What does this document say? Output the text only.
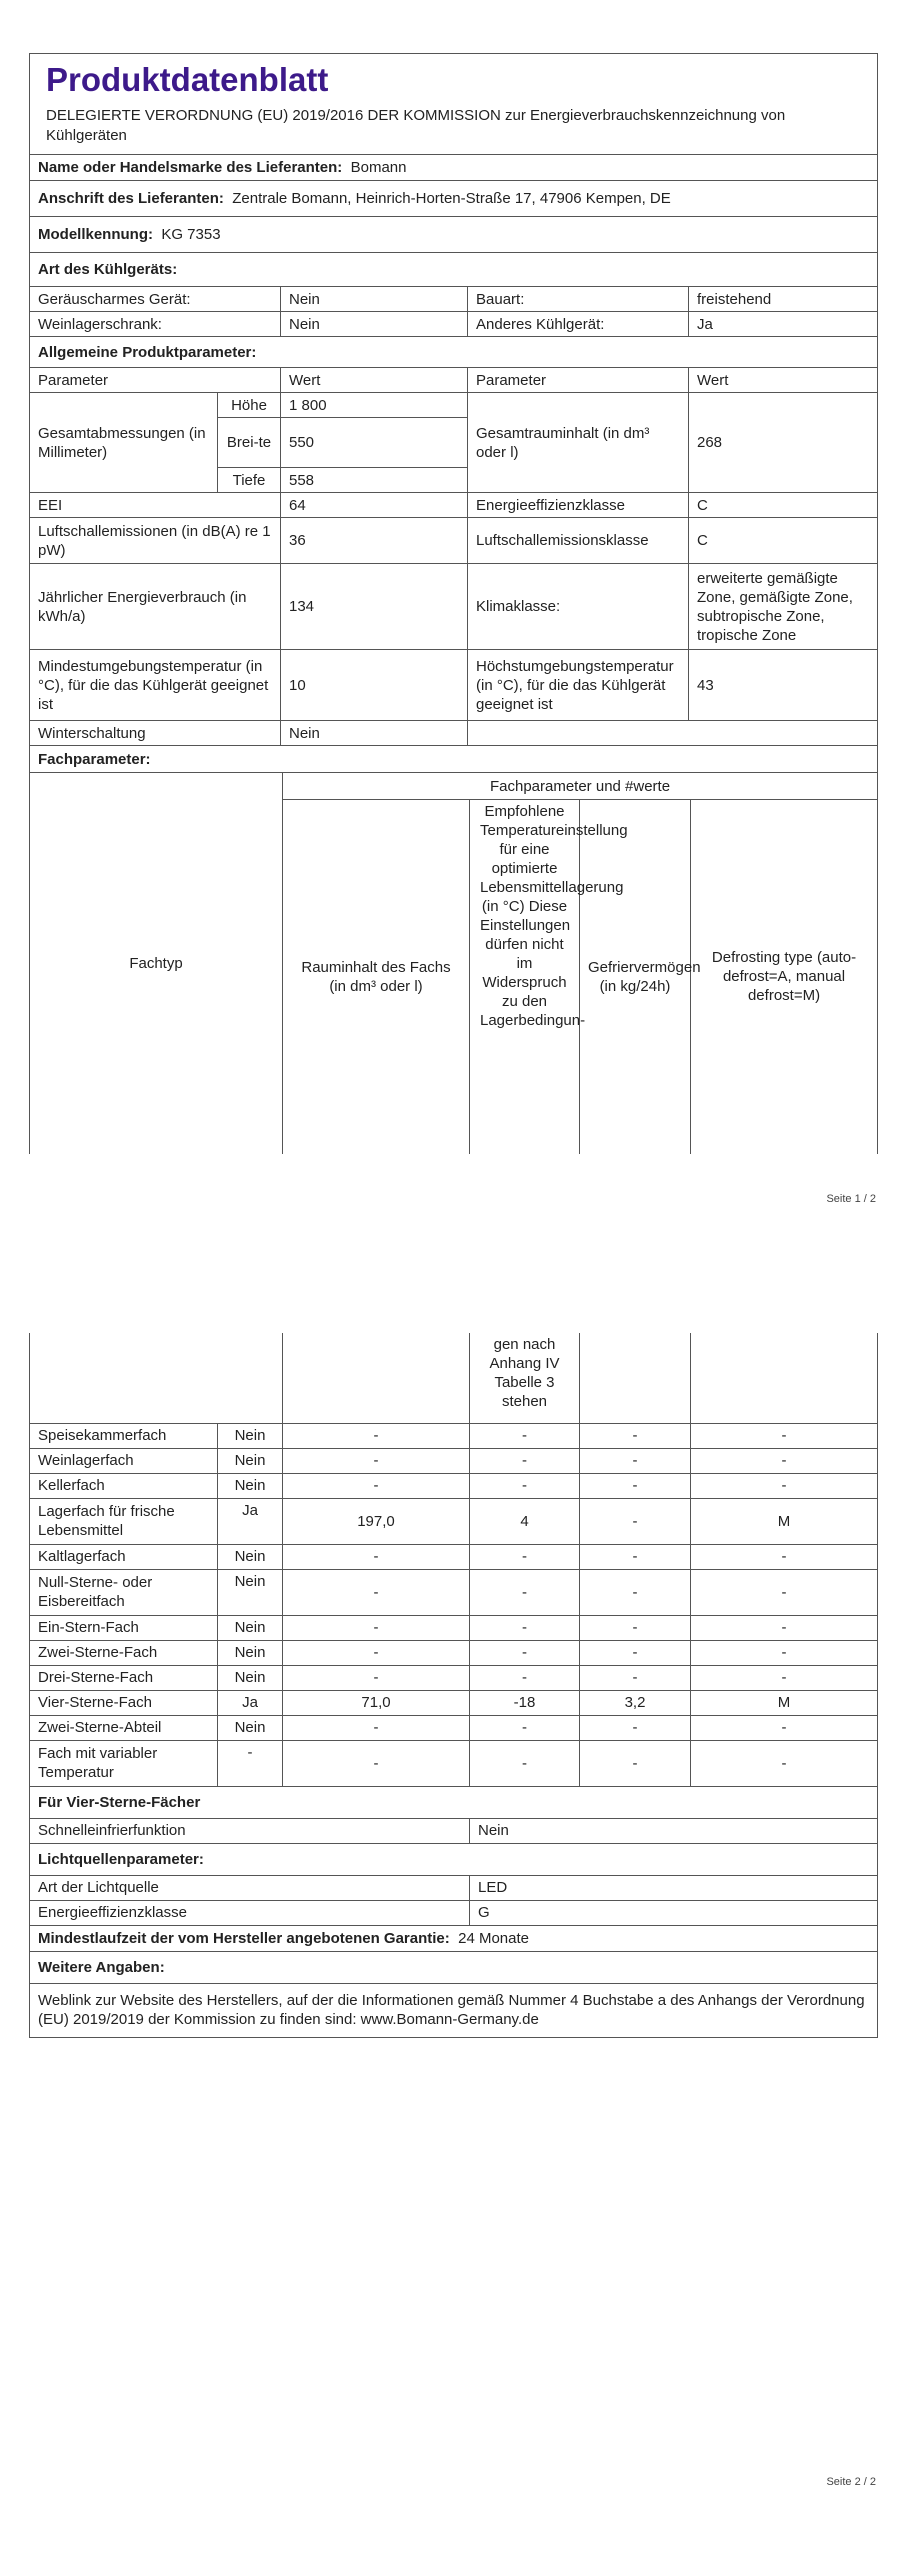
Produktdatenblatt
DELEGIERTE VERORDNUNG (EU) 2019/2016 DER KOMMISSION zur Energieverbrauchskennzeichnung von Kühlgeräten				

Name oder Handelsmarke des Lieferanten: Bomann				
Anschrift des Lieferanten: Zentrale Bomann, Heinrich-Horten-Straße 17, 47906 Kempen, DE				
Modellkennung: KG 7353				
Art des Kühlgeräts:				
Geräuscharmes Gerät:		Nein	Bauart:	freistehend
Weinlagerschrank:		Nein	Anderes Kühlgerät:	Ja
Allgemeine Produktparameter:				
Parameter		Wert	Parameter	Wert
Gesamtabmessungen (in Millimeter)	Höhe	1 800	Gesamtrauminhalt (in dm³ oder l)	268
	Brei-te	550		
	Tiefe	558		
EEI		64	Energieeffizienzklasse	C
Luftschallemissionen (in dB(A) re 1 pW)		36	Luftschallemissionsklasse	C
Jährlicher Energieverbrauch (in kWh/a)		134	Klimaklasse:	erweiterte gemäßigte Zone, gemäßigte Zone, subtropische Zone, tropische Zone
Mindestumgebungstemperatur (in °C), für die das Kühlgerät geeignet ist		10	Höchstumgebungstemperatur (in °C), für die das Kühlgerät geeignet ist	43
Winterschaltung		Nein		
Fachparameter:				
Fachtyp	Fachparameter und #werte			
	Rauminhalt des Fachs (in dm³ oder l)	Empfohlene Temperatureinstellung für eine optimierte Lebensmittellagerung (in °C) Diese Einstellungen dürfen nicht im Widerspruch zu den Lagerbedingun-	Gefriervermögen (in kg/24h)	Defrosting type (auto-defrost=A, manual defrost=M)
Seite 1 / 2
			gen nach Anhang IV Tabelle 3 stehen		
Speisekammerfach	Nein	-	-	-	-
Weinlagerfach	Nein	-	-	-	-
Kellerfach	Nein	-	-	-	-
Lagerfach für frische Lebensmittel	Ja	197,0	4	-	M
Kaltlagerfach	Nein	-	-	-	-
Null-Sterne- oder Eisbereitfach	Nein	-	-	-	-
Ein-Stern-Fach	Nein	-	-	-	-
Zwei-Sterne-Fach	Nein	-	-	-	-
Drei-Sterne-Fach	Nein	-	-	-	-
Vier-Sterne-Fach	Ja	71,0	-18	3,2	M
Zwei-Sterne-Abteil	Nein	-	-	-	-
Fach mit variabler Temperatur	-	-	-	-	-
Für Vier-Sterne-Fächer	
Schnelleinfrierfunktion	Nein
Lichtquellenparameter:	
Art der Lichtquelle	LED
Energieeffizienzklasse	G
Mindestlaufzeit der vom Hersteller angebotenen Garantie: 24 Monate	
Weitere Angaben:	
Weblink zur Website des Herstellers, auf der die Informationen gemäß Nummer 4 Buchstabe a des Anhangs der Verordnung (EU) 2019/2019 der Kommission zu finden sind: www.Bomann-Germany.de	
Seite 2 / 2
